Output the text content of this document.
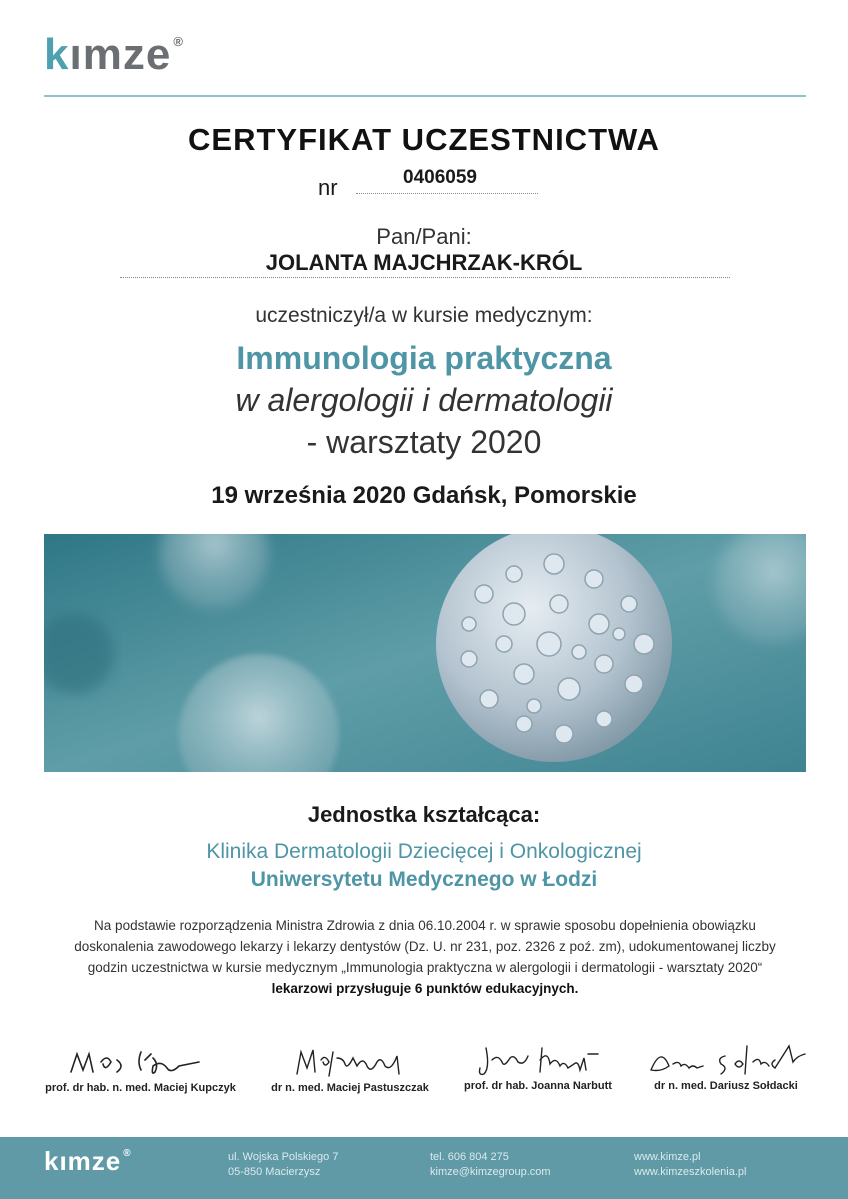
kımze ®
CERTYFIKAT UCZESTNICTWA
nr	0406059
Pan/Pani:
JOLANTA MAJCHRZAK-KRÓL
uczestniczył/a w kursie medycznym:
Immunologia praktyczna
w alergologii i dermatologii
- warsztaty 2020
19 września 2020 Gdańsk, Pomorskie
Jednostka kształcąca:
Klinika Dermatologii Dziecięcej i Onkologicznej
Uniwersytetu Medycznego w Łodzi
Na podstawie rozporządzenia Ministra Zdrowia z dnia 06.10.2004 r. w sprawie sposobu dopełnienia obowiązku
doskonalenia zawodowego lekarzy i lekarzy dentystów (Dz. U. nr 231, poz. 2326 z poź. zm), udokumentowanej liczby
godzin uczestnictwa w kursie medycznym „Immunologia praktyczna w alergologii i dermatologii - warsztaty 2020“
lekarzowi przysługuje 6 punktów edukacyjnych.
prof. dr hab. n. med. Maciej Kupczyk	dr n. med. Maciej Pastuszczak	prof. dr hab. Joanna Narbutt	dr n. med. Dariusz Sołdacki
kımze ®	ul. Wojska Polskiego 7
05-850 Macierzysz
tel. 606 804 275
kimze@kimzegroup.com
www.kimze.pl
www.kimzeszkolenia.pl
